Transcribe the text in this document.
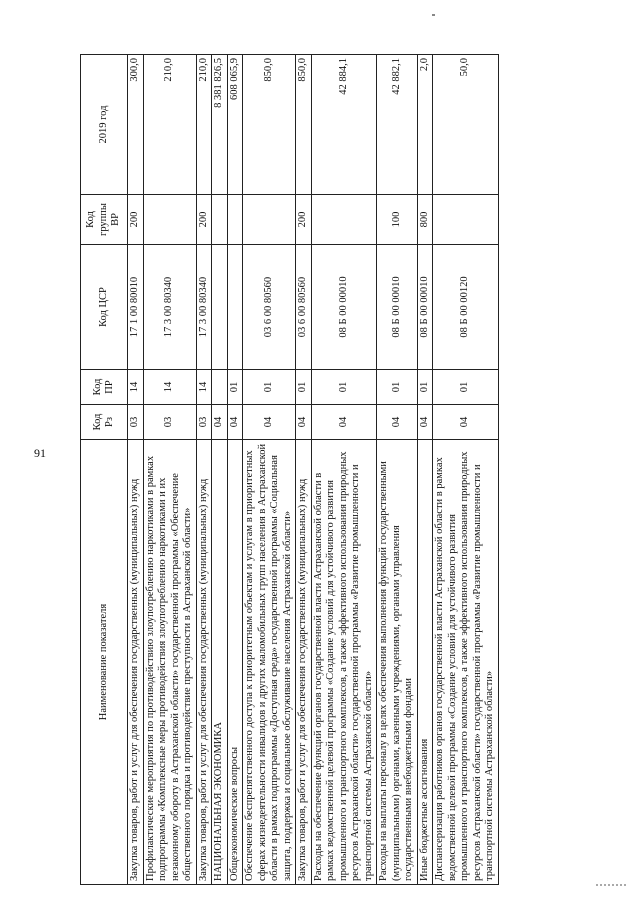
91
Наименование показателя	Код Рз	Код ПР	Код ЦСР	Код группы ВР	2019 год
Закупка товаров, работ и услуг для обеспечения государственных (муниципальных) нужд	03	14	17 1 00 80010	200	300,0
Профилактические мероприятия по противодействию злоупотреблению наркотиками в рамках подпрограммы «Комплексные меры противодействия злоупотреблению наркотиками и их незаконному обороту в Астраханской области» государственной программы «Обеспечение общественного порядка и противодействие преступности в Астраханской области»	03	14	17 3 00 80340		210,0
Закупка товаров, работ и услуг для обеспечения государственных (муниципальных) нужд	03	14	17 3 00 80340	200	210,0
НАЦИОНАЛЬНАЯ ЭКОНОМИКА	04				8 381 826,5
Общеэкономические вопросы	04	01			608 065,9
Обеспечение беспрепятственного доступа к приоритетным объектам и услугам в приоритетных сферах жизнедеятельности инвалидов и других маломобильных групп населения в Астраханской области в рамках подпрограммы «Доступная среда» государственной программы «Социальная защита, поддержка и социальное обслуживание населения Астраханской области»	04	01	03 6 00 80560		850,0
Закупка товаров, работ и услуг для обеспечения государственных (муниципальных) нужд	04	01	03 6 00 80560	200	850,0
Расходы на обеспечение функций органов государственной власти Астраханской области в рамках ведомственной целевой программы «Создание условий для устойчивого развития промышленного и транспортного комплексов, а также эффективного использования природных ресурсов Астраханской области» государственной программы «Развитие промышленности и транспортной системы Астраханской области»	04	01	08 Б 00 00010		42 884,1
Расходы на выплаты персоналу в целях обеспечения выполнения функций государственными (муниципальными) органами, казенными учреждениями, органами управления государственными внебюджетными фондами	04	01	08 Б 00 00010	100	42 882,1
Иные бюджетные ассигнования	04	01	08 Б 00 00010	800	2,0
Диспансеризация работников органов государственной власти Астраханской области в рамках ведомственной целевой программы «Создание условий для устойчивого развития промышленного и транспортного комплексов, а также эффективного использования природных ресурсов Астраханской области» государственной программы «Развитие промышленности и транспортной системы Астраханской области»	04	01	08 Б 00 00120		50,0
